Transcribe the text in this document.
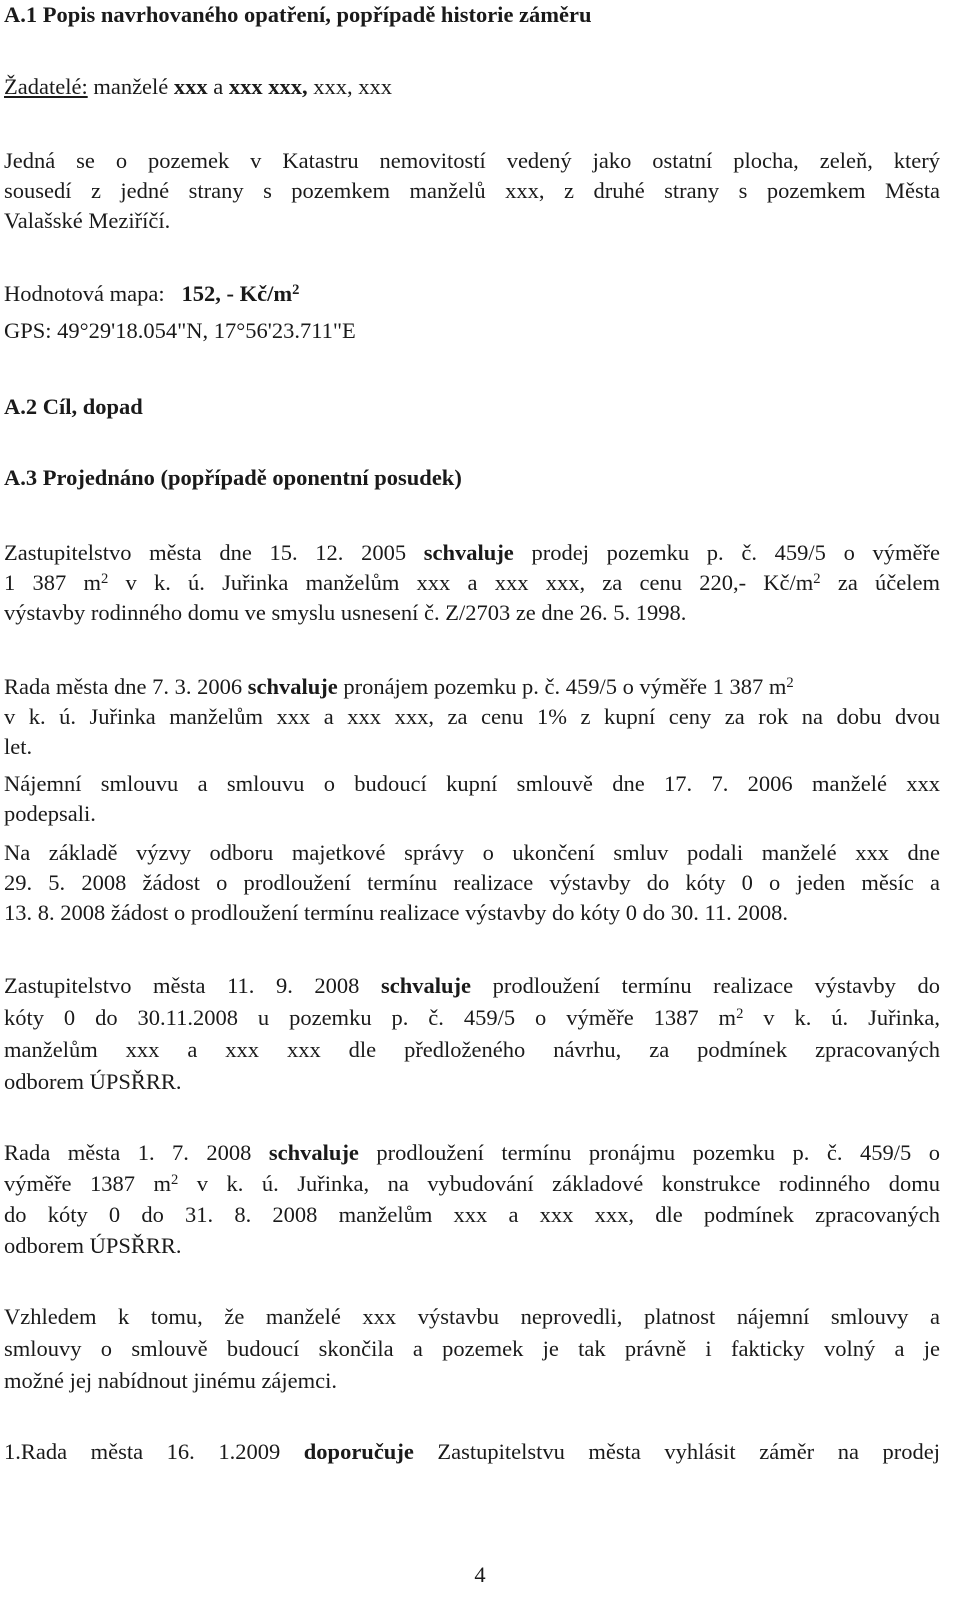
A.1 Popis navrhovaného opatření, popřípadě historie záměru
Žadatelé: manželé xxx a xxx xxx, xxx, xxx
Jedná se o pozemek v Katastru nemovitostí vedený jako ostatní plocha, zeleň, který
sousedí z jedné strany s pozemkem manželů xxx, z druhé strany s pozemkem Města
Valašské Meziříčí.
Hodnotová mapa: 152, - $Kč/m^2$
GPS: 49°29'18.054"N, 17°56'23.711"E
A.2 Cíl, dopad
A.3 Projednáno (popřípadě oponentní posudek)
Zastupitelstvo města dne 15. 12. 2005 schvaluje prodej pozemku p. č. 459/5 o výměře
1 387 $m^2$ v k. ú. Juřinka manželům xxx a xxx xxx, za cenu 220,- $Kč/m^2$ za účelem
výstavby rodinného domu ve smyslu usnesení č. Z/2703 ze dne 26. 5. 1998.
Rada města dne 7. 3. 2006 schvaluje pronájem pozemku p. č. 459/5 o výměře 1 387 $m^2$
v k. ú. Juřinka manželům xxx a xxx xxx, za cenu 1% z kupní ceny za rok na dobu dvou
let.
Nájemní smlouvu a smlouvu o budoucí kupní smlouvě dne 17. 7. 2006 manželé xxx
podepsali.
Na základě výzvy odboru majetkové správy o ukončení smluv podali manželé xxx dne
29. 5. 2008 žádost o prodloužení termínu realizace výstavby do kóty 0 o jeden měsíc a
13. 8. 2008 žádost o prodloužení termínu realizace výstavby do kóty 0 do 30. 11. 2008.
Zastupitelstvo města 11. 9. 2008 schvaluje prodloužení termínu realizace výstavby do
kóty 0 do 30.11.2008 u pozemku p. č. 459/5 o výměře 1387 $m^2$ v k. ú. Juřinka,
manželům xxx a xxx xxx dle předloženého návrhu, za podmínek zpracovaných
odborem ÚPSŘRR.
Rada města 1. 7. 2008 schvaluje prodloužení termínu pronájmu pozemku p. č. 459/5 o
výměře 1387 $m^2$ v k. ú. Juřinka, na vybudování základové konstrukce rodinného domu
do kóty 0 do 31. 8. 2008 manželům xxx a xxx xxx, dle podmínek zpracovaných
odborem ÚPSŘRR.
Vzhledem k tomu, že manželé xxx výstavbu neprovedli, platnost nájemní smlouvy a
smlouvy o smlouvě budoucí skončila a pozemek je tak právně i fakticky volný a je
možné jej nabídnout jinému zájemci.
1.Rada města 16. 1.2009 doporučuje Zastupitelstvu města vyhlásit záměr na prodej
4
